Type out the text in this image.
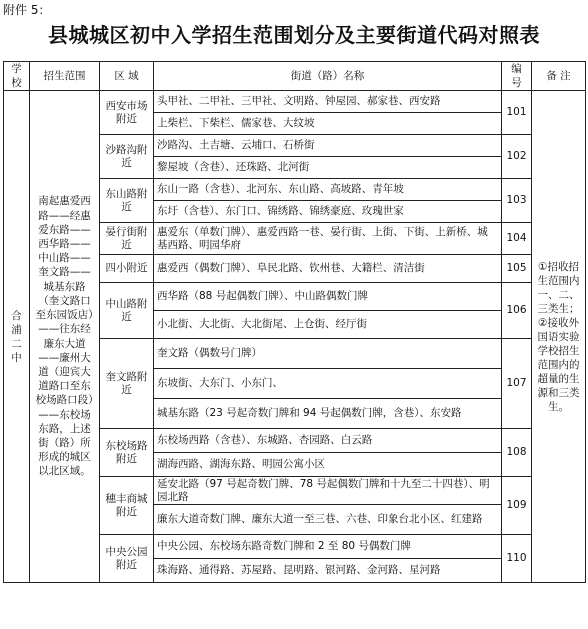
附件 5：
县城城区初中入学招生范围划分及主要街道代码对照表
学校	招生范围	区 域	街道（路）名称	编号	备 注
合浦二中	南起惠爱西路——经惠爱东路——西华路——中山路——奎文路——城基东路（奎文路口至东园饭店）——往东经廉东大道——廉州大道（迎宾大道路口至东校场路口段）——东校场东路，上述街（路）所形成的城区以北区域。	西安市场附近	头甲社、二甲社、三甲社、文明路、钟屋园、郝家巷、西安路	101	①招收招生范围内一、二、三类生；②接收外国语实验学校招生范围内的超量的生源和三类生。
			上柴栏、下柴栏、儒家巷、大纹坡		
		沙路沟附近	沙路沟、土吉塘、云埔口、石桥街	102	
			黎屋坡（含巷）、还珠路、北河街		
		东山路附近	东山一路（含巷）、北河东、东山路、高坡路、青年坡	103	
			东圩（含巷）、东门口、锦绣路、锦绣豪庭、玫瑰世家		
		晏行街附近	惠爱东（单数门牌）、惠爱西路一巷、晏行街、上街、下街、上新桥、城基西路、明园华府	104	
		四小附近	惠爱西（偶数门牌）、阜民北路、钦州巷、大籍栏、清洁街	105	
		中山路附近	西华路（88 号起偶数门牌）、中山路偶数门牌	106	
			小北街、大北街、大北街尾、上仓街、经厅街		
		奎文路附近	奎文路（偶数号门牌）	107	
			东坡街、大东门、小东门、		
			城基东路（23 号起奇数门牌和 94 号起偶数门牌，含巷）、东安路		
		东校场路附近	东校场西路（含巷）、东城路、杏园路、白云路	108	
			湖海西路、湖海东路、明园公寓小区		
		穗丰商城附近	延安北路（97 号起奇数门牌、78 号起偶数门牌和十九至二十四巷）、明园北路	109	
			廉东大道奇数门牌、廉东大道一至三巷、六巷、印象台北小区、红建路		
		中央公园附近	中央公园、东校场东路奇数门牌和 2 至 80 号偶数门牌	110	
			珠海路、通得路、苏屋路、昆明路、银河路、金河路、星河路		
